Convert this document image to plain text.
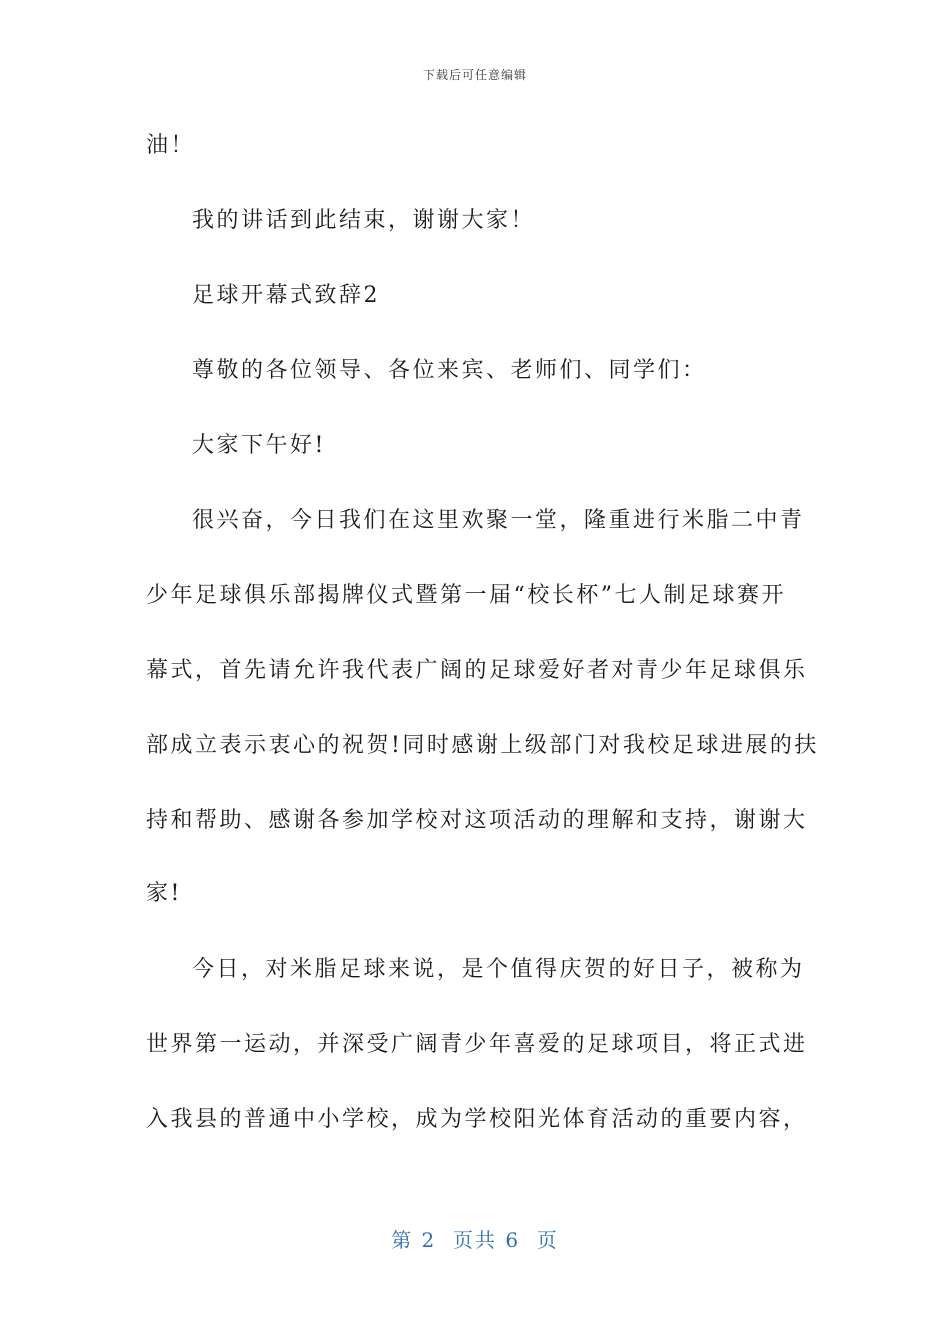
下载后可任意编辑
油！
我的讲话到此结束，谢谢大家！
足球开幕式致辞2
尊敬的各位领导、各位来宾、老师们、同学们：
大家下午好!
很兴奋，今日我们在这里欢聚一堂，隆重进行米脂二中青
少年足球俱乐部揭牌仪式暨第一届“校长杯”七人制足球赛开
幕式，首先请允许我代表广阔的足球爱好者对青少年足球俱乐
部成立表示衷心的祝贺!同时感谢上级部门对我校足球进展的扶
持和帮助、感谢各参加学校对这项活动的理解和支持，谢谢大
家!
今日，对米脂足球来说，是个值得庆贺的好日子，被称为
世界第一运动，并深受广阔青少年喜爱的足球项目，将正式进
入我县的普通中小学校，成为学校阳光体育活动的重要内容，
第 2  页共 6  页
